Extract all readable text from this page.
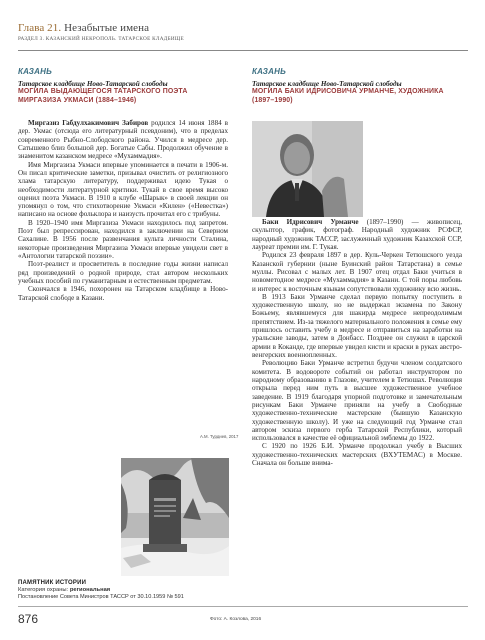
Глава 21. Незабытые имена
РАЗДЕЛ 3. КАЗАНСКИЙ НЕКРОПОЛЬ. ТАТАРСКОЕ КЛАДБИЩЕ
КАЗАНЬ
Татарское кладбище Ново-Татарской слободы
МОГИЛА ВЫДАЮЩЕГОСЯ ТАТАРСКОГО ПОЭТА МИРГАЗИЗА УКМАСИ (1884–1946)

Миргазиз Габдулхакимович Забиров родился 14 июня 1884 в дер. Укмас (отсюда его литературный псевдоним), что в пределах современного Рыбно-Слободского района. Учился в медресе дер. Сатышево близ большой дер. Богатые Сабы. Продолжил обучение в знаменитом казанском медресе «Мухаммадия».

Имя Миргазиза Укмаси впервые упоминается в печати в 1906-м. Он писал критические заметки, призывал очистить от религиозного хлама татарскую литературу, поддерживал идею Тукая о необходимости литературной критики. Тукай в свое время высоко оценил поэта Укмаси. В 1910 в клубе «Шарык» в своей лекции он упомянул о том, что стихотворение Укмаси «Килен» («Невестка») написано на основе фольклора и наизусть прочитал его с трибуны.

В 1920–1940 имя Миргазиза Укмаси находилось под запретом. Поэт был репрессирован, находился в заключении на Северном Сахалине. В 1956 после развенчания культа личности Сталина, некоторые произведения Миргазиза Укмаси впервые увидели свет в «Антологии татарской поэзии».

Поэт-реалист и просветитель в последние годы жизни написал ряд произведений о родной природе, стал автором нескольких учебных пособий по гуманитарным и естественным предметам.

Скончался в 1946, похоронен на Татарском кладбище в Ново-Татарской слободе в Казани.

А.М. Турдиев, 2017
ПАМЯТНИК ИСТОРИИ
Категория охраны: региональная
Постановление Совета Министров ТАССР от 30.10.1959 № 591
КАЗАНЬ
Татарское кладбище Ново-Татарской слободы
МОГИЛА БАКИ ИДРИСОВИЧА УРМАНЧЕ, ХУДОЖНИКА (1897–1990)

Баки Идрисович Урманче (1897–1990) — живописец, скульптор, график, фотограф. Народный художник РСФСР, народный художник ТАССР, заслуженный художник Казахской ССР, лауреат премии им. Г. Тукая.

Родился 23 февраля 1897 в дер. Куль-Черкен Тетюшского уезда Казанской губернии (ныне Буинский район Татарстана) в семье муллы. Рисовал с малых лет. В 1907 отец отдал Баки учиться в новометодное медресе «Мухаммадия» в Казани. С той поры любовь и интерес к восточным языкам сопутствовали художнику всю жизнь.

В 1913 Баки Урманче сделал первую попытку поступить в художественную школу, но не выдержал экзамена по Закону Божьему, являвшемуся для шакирда медресе непреодолимым препятствием. Из-за тяжелого материального положения в семье ему пришлось оставить учебу в медресе и отправиться на заработки на уральские заводы, затем в Донбасс. Позднее он служил в царской армии в Коканде, где впервые увидел кисти и краски в руках австро-венгерских военнопленных.

Революцию Баки Урманче встретил будучи членом солдатского комитета. В водовороте событий он работал инструктором по народному образованию в Глазове, учителем в Тетюшах. Революция открыла перед ним путь в высшее художественное учебное заведение. В 1919 благодаря упорной подготовке и замечательным рисункам Баки Урманче приняли на учебу в Свободные художественно-технические мастерские (бывшую Казанскую художественную школу). И уже на следующий год Урманче стал автором эскиза первого герба Татарской Республики, который использовался в качестве её официальной эмблемы до 1922.

С 1920 по 1926 Б.И. Урманче продолжал учебу в Высших художественно-технических мастерских (ВХУТЕМАС) в Москве. Сначала он больше внима-

876	Фото: А. Козлова, 2016
